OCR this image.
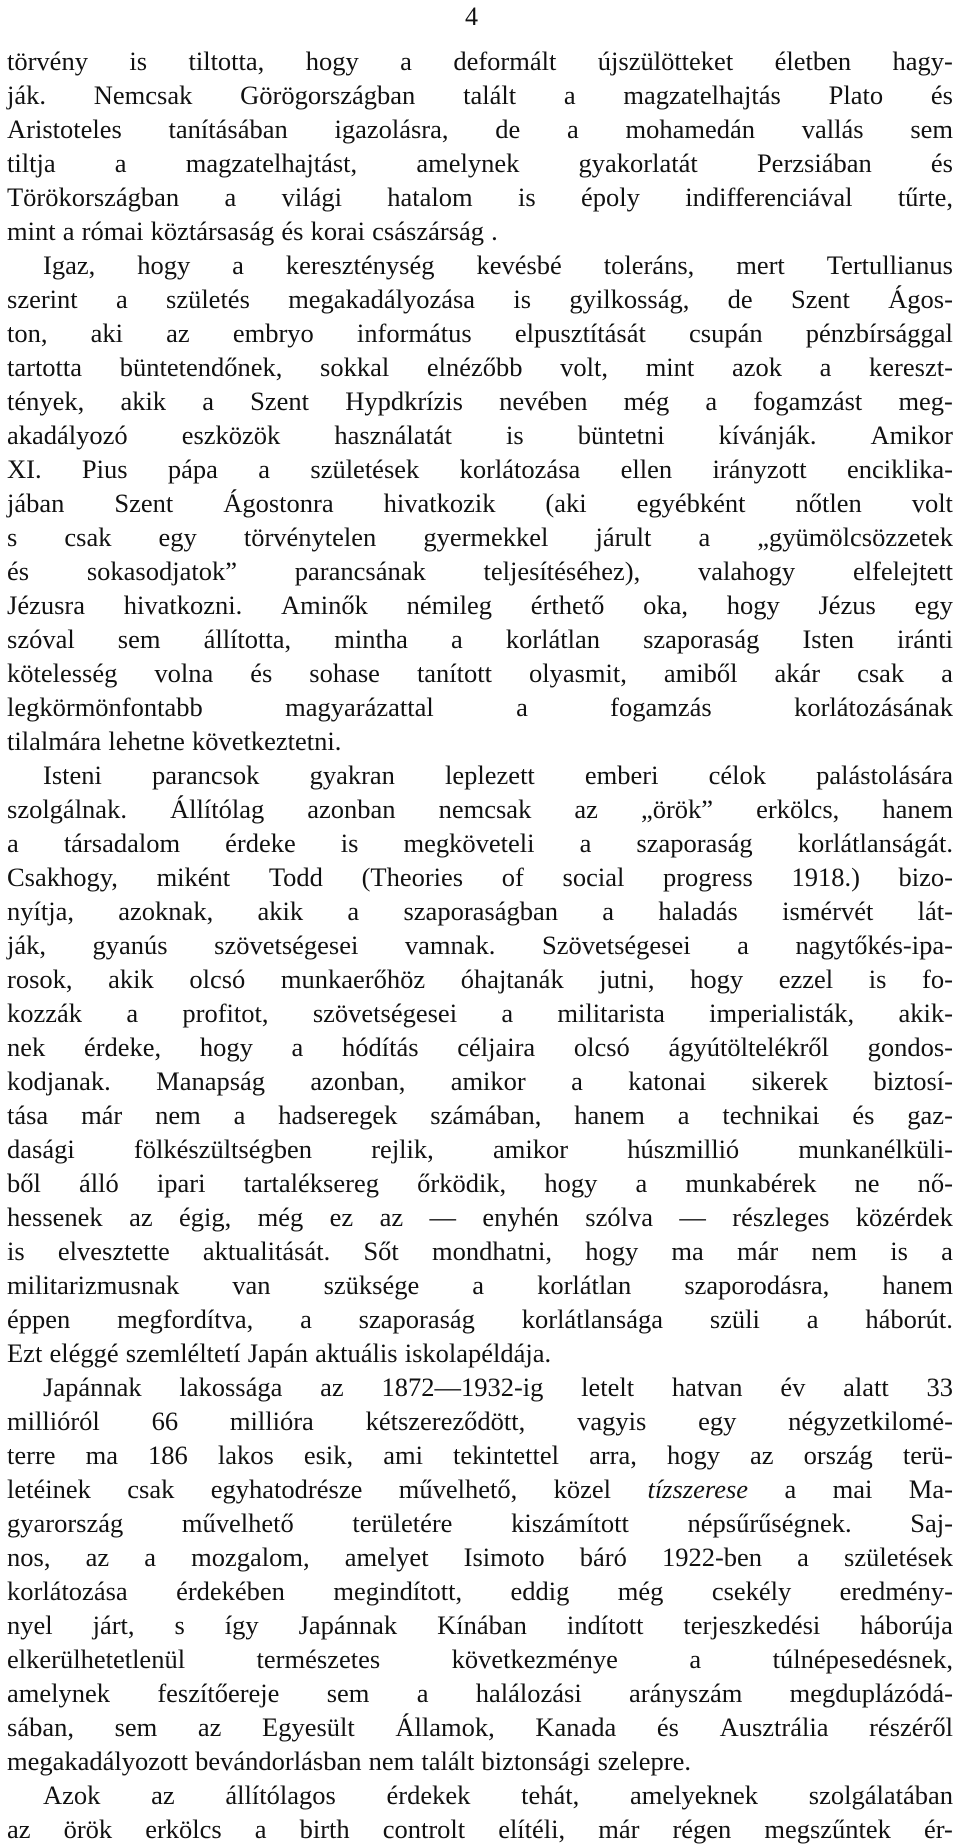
4
törvény is tiltotta, hogy a deformált újszülötteket életben hagy-
ják. Nemcsak Görögországban talált a magzatelhajtás Plato és
Aristoteles tanításában igazolásra, de a mohamedán vallás sem
tiltja a magzatelhajtást, amelynek gyakorlatát Perzsiában és
Törökországban a világi hatalom is époly indifferenciával tűrte,
mint a római köztársaság és korai császárság .
Igaz, hogy a kereszténység kevésbé toleráns, mert Tertullianus
szerint a születés megakadályozása is gyilkosság, de Szent Ágos-
ton, aki az embryo informátus elpusztítását csupán pénzbírsággal
tartotta büntetendőnek, sokkal elnézőbb volt, mint azok a kereszt-
tények, akik a Szent Hypdkrízis nevében még a fogamzást meg-
akadályozó eszközök használatát is büntetni kívánják. Amikor
XI. Pius pápa a születések korlátozása ellen irányzott enciklika-
jában Szent Ágostonra hivatkozik (aki egyébként nőtlen volt
s csak egy törvénytelen gyermekkel járult a „gyümölcsözzetek
és sokasodjatok” parancsának teljesítéséhez), valahogy elfelejtett
Jézusra hivatkozni. Aminők némileg érthető oka, hogy Jézus egy
szóval sem állította, mintha a korlátlan szaporaság Isten iránti
kötelesség volna és sohase tanított olyasmit, amiből akár csak a
legkörmönfontabb	magyarázattal	a	fogamzás	korlátozásának
tilalmára lehetne következtetni.
Isteni parancsok gyakran leplezett emberi célok palástolására
szolgálnak. Állítólag azonban nemcsak az „örök” erkölcs, hanem
a társadalom érdeke is megköveteli a szaporaság korlátlanságát.
Csakhogy, miként Todd (Theories of social progress 1918.) bizo-
nyítja, azoknak, akik a szaporaságban a haladás ismérvét lát-
ják, gyanús szövetségesei vamnak. Szövetségesei a nagytőkés-ipa-
rosok, akik olcsó munkaerőhöz óhajtanák jutni, hogy ezzel is fo-
kozzák a profitot, szövetségesei a militarista imperialisták, akik-
nek érdeke, hogy a hódítás céljaira olcsó ágyútöltelékről gondos-
kodjanak. Manapság azonban, amikor a katonai sikerek biztosí-
tása már nem a hadseregek számában, hanem a technikai és gaz-
dasági fölkészültségben rejlik, amikor húszmillió munkanélküli-
ből álló ipari tartaléksereg őrködik, hogy a munkabérek ne nő-
hessenek az égig, még ez az — enyhén szólva — részleges közérdek
is elvesztette aktualitását. Sőt mondhatni, hogy ma már nem is a
militarizmusnak van szüksége a korlátlan szaporodásra, hanem
éppen megfordítva, a szaporaság korlátlansága szüli a háborút.
Ezt eléggé szemléltetí Japán aktuális iskolapéldája.
Japánnak lakossága az 1872—1932-ig letelt hatvan év alatt 33
millióról 66 millióra kétszereződött, vagyis egy négyzetkilomé-
terre ma 186 lakos esik, ami tekintettel arra, hogy az ország terü-
letéinek csak egyhatodrésze művelhető, közel tízszerese a mai Ma-
gyarország művelhető területére kiszámított népsűrűségnek. Saj-
nos, az a mozgalom, amelyet Isimoto báró 1922-ben a születések
korlátozása érdekében megindított, eddig még csekély eredmény-
nyel járt, s így Japánnak Kínában indított terjeszkedési háborúja
elkerülhetetlenül	természetes	következménye	a	túlnépesedésnek,
amelynek feszítőereje sem a halálozási arányszám megduplázódá-
sában, sem az Egyesült Államok, Kanada és Ausztrália részéről
megakadályozott bevándorlásban nem talált biztonsági szelepre.
Azok az állítólagos érdekek tehát, amelyeknek szolgálatában
az örök erkölcs a birth controlt elítéli, már régen megszűntek ér-
